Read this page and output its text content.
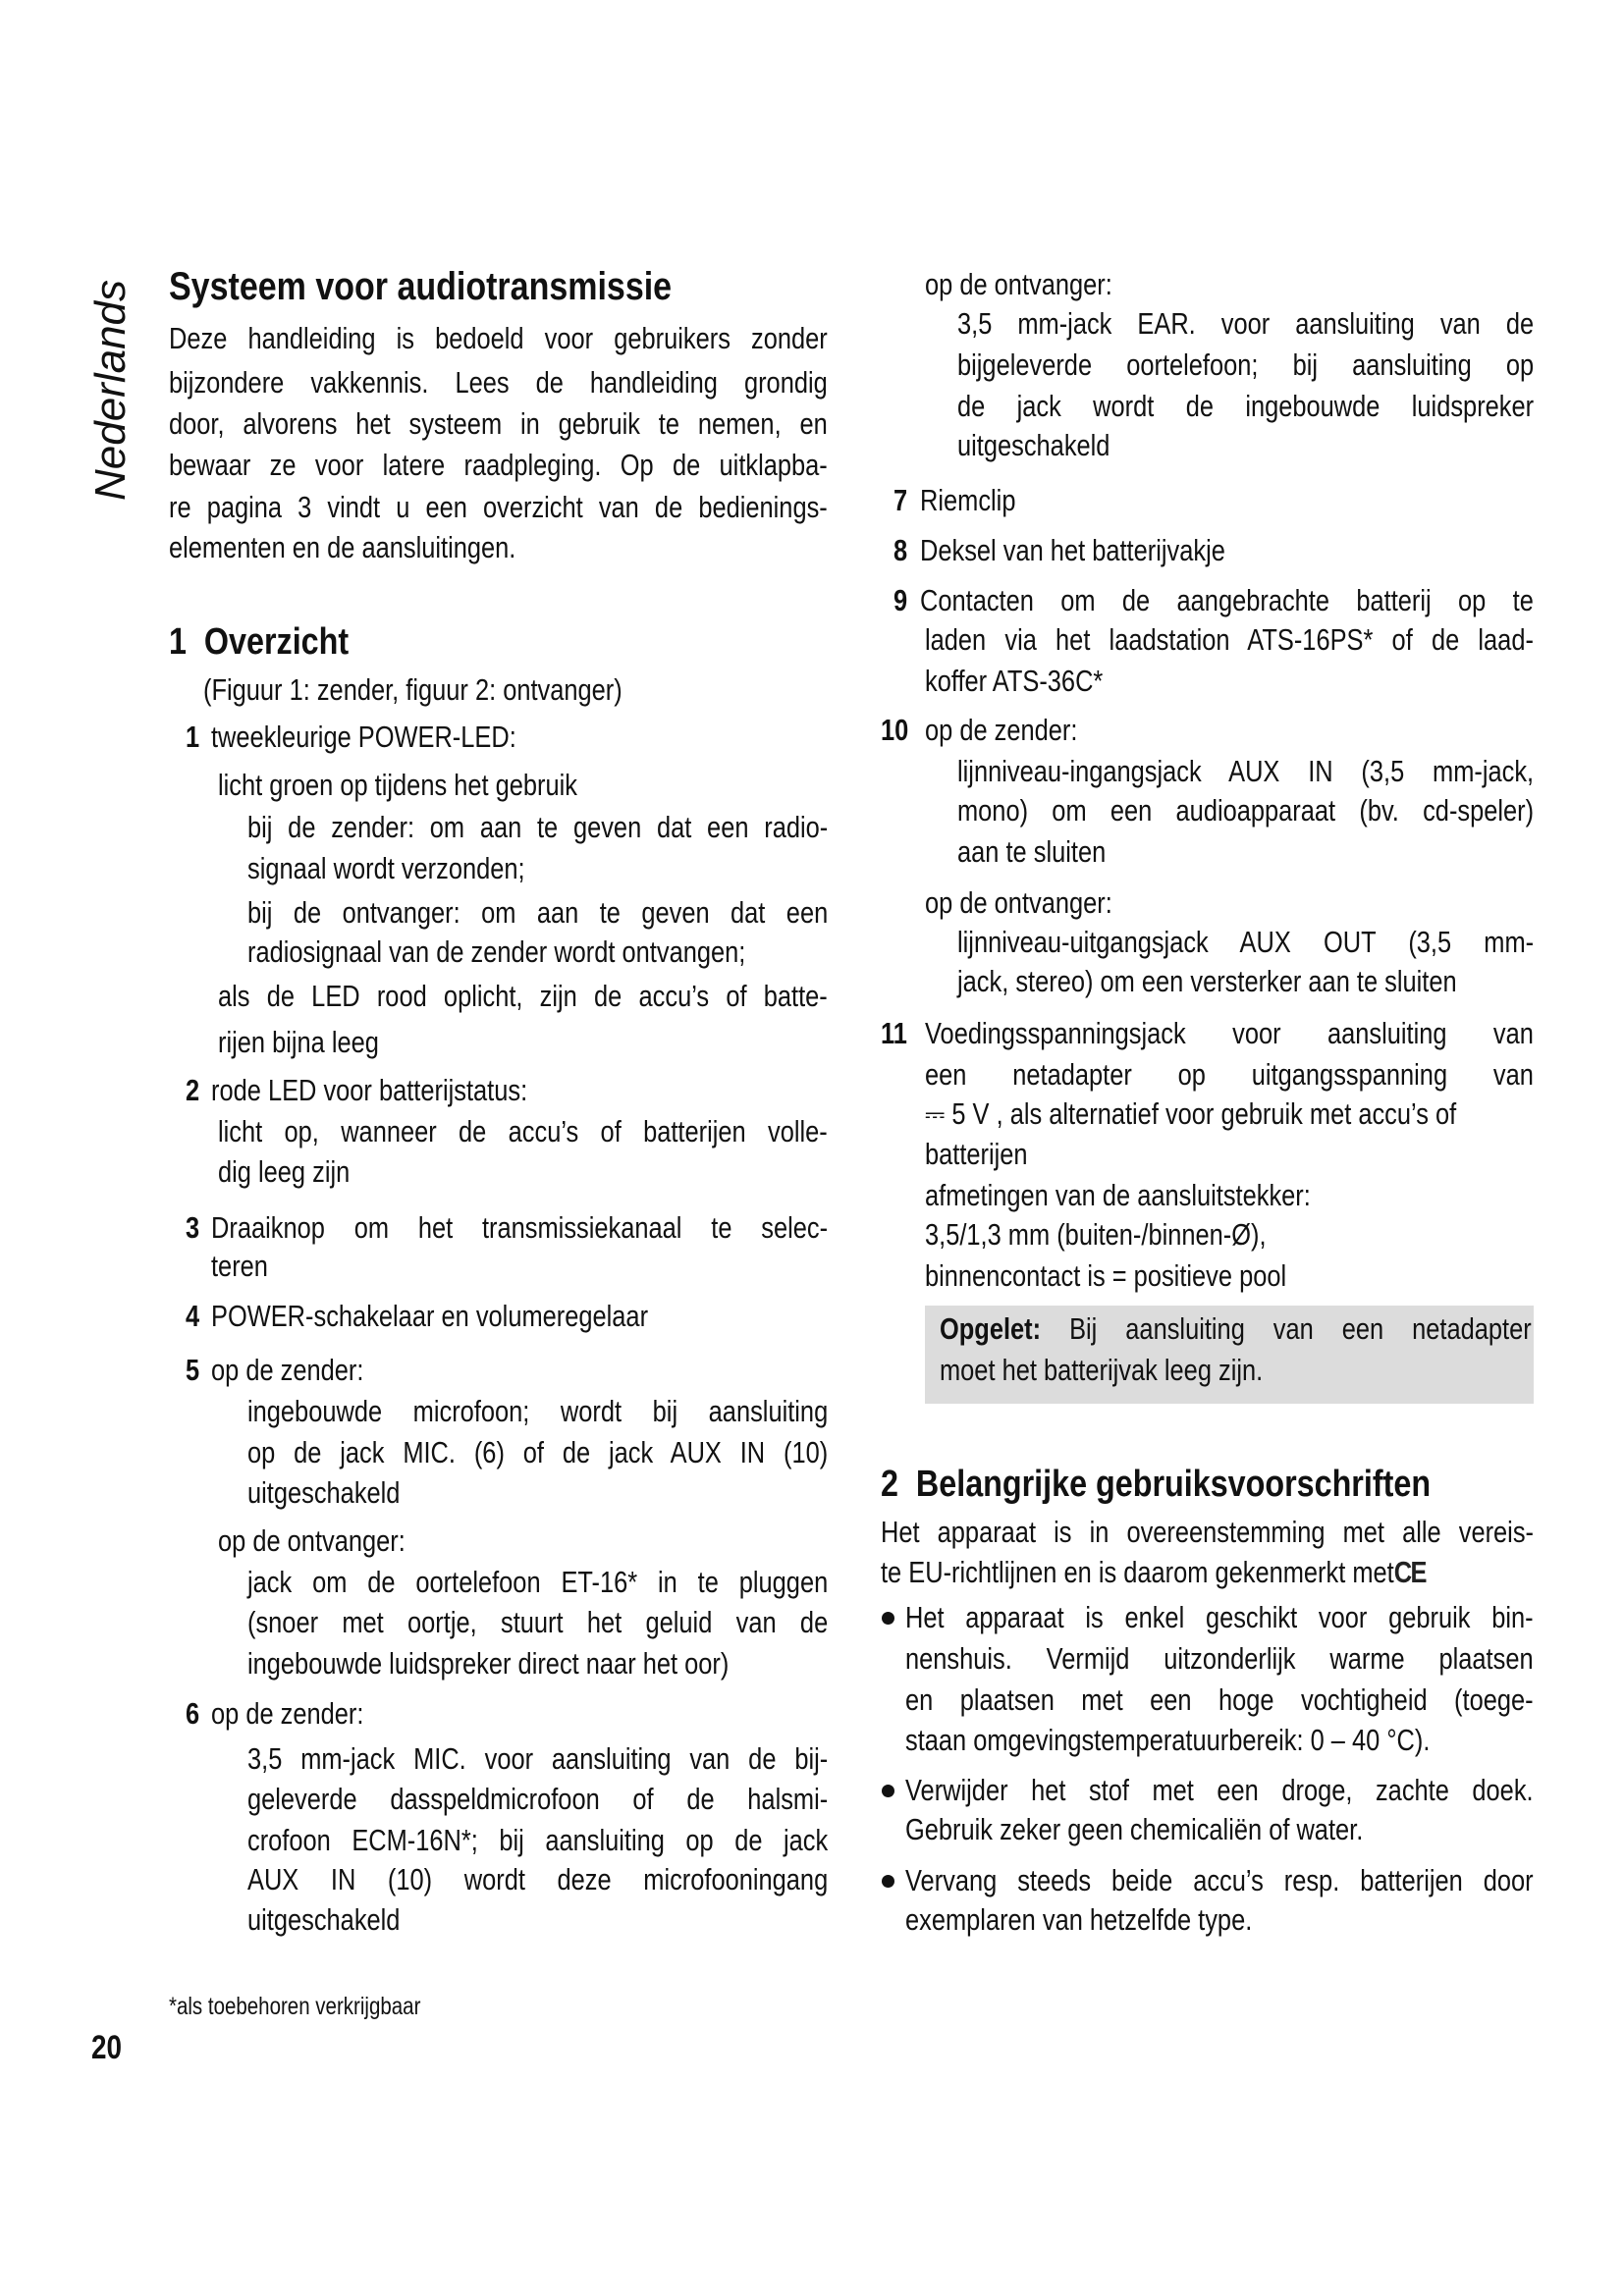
Nederlands Systeem voor audiotransmissie
Deze handleiding is bedoeld voor gebruikers zonder
bijzondere vakkennis. Lees de handleiding grondig
door, alvorens het systeem in gebruik te nemen, en
bewaar ze voor latere raadpleging. Op de uitklapba-
re pagina 3 vindt u een overzicht van de bedienings-
elementen en de aansluitingen.
1 Overzicht
(Figuur 1: zender, figuur 2: ontvanger)
1 tweekleurige POWER-LED:
licht groen op tijdens het gebruik
bij de zender: om aan te geven dat een radio-
signaal wordt verzonden;
bij de ontvanger: om aan te geven dat een
radiosignaal van de zender wordt ontvangen;
als de LED rood oplicht, zijn de accu’s of batte-
rijen bijna leeg
2 rode LED voor batterijstatus:
licht op, wanneer de accu’s of batterijen volle-
dig leeg zijn
3 Draaiknop om het transmissiekanaal te selec-
teren
4 POWER-schakelaar en volumeregelaar
5 op de zender:
ingebouwde microfoon; wordt bij aansluiting
op de jack MIC. (6) of de jack AUX IN (10)
uitgeschakeld
op de ontvanger:
jack om de oortelefoon ET-16* in te pluggen
(snoer met oortje, stuurt het geluid van de
ingebouwde luidspreker direct naar het oor)
6 op de zender:
3,5 mm-jack MIC. voor aansluiting van de bij-
geleverde dasspeldmicrofoon of de halsmi-
crofoon ECM-16N*; bij aansluiting op de jack
AUX IN (10) wordt deze microfooningang
uitgeschakeld
*als toebehoren verkrijgbaar
20
op de ontvanger:
3,5 mm-jack EAR. voor aansluiting van de
bijgeleverde oortelefoon; bij aansluiting op
de jack wordt de ingebouwde luidspreker
uitgeschakeld
7 Riemclip
8 Deksel van het batterijvakje
9 Contacten om de aangebrachte batterij op te
laden via het laadstation ATS-16PS* of de laad-
koffer ATS-36C*
10 op de zender:
lijnniveau-ingangsjack AUX IN (3,5 mm-jack,
mono) om een audioapparaat (bv. cd-speler)
aan te sluiten
op de ontvanger:
lijnniveau-uitgangsjack AUX OUT (3,5 mm-
jack, stereo) om een versterker aan te sluiten
11 Voedingsspanningsjack voor aansluiting van
een netadapter op uitgangsspanning van
⎓ 5 V , als alternatief voor gebruik met accu’s of
batterijen
afmetingen van de aansluitstekker:
3,5/1,3 mm (buiten-/binnen-Ø),
binnencontact is = positieve pool
Opgelet: Bij aansluiting van een netadapter
moet het batterijvak leeg zijn.
2 Belangrijke gebruiksvoorschriften
Het apparaat is in overeenstemming met alle vereis-
te EU-richtlijnen en is daarom gekenmerkt metCE
Het apparaat is enkel geschikt voor gebruik bin-
nenshuis. Vermijd uitzonderlijk warme plaatsen
en plaatsen met een hoge vochtigheid (toege-
staan omgevingstemperatuurbereik: 0 – 40 °C).
Verwijder het stof met een droge, zachte doek.
Gebruik zeker geen chemicaliën of water.
Vervang steeds beide accu’s resp. batterijen door
exemplaren van hetzelfde type.
